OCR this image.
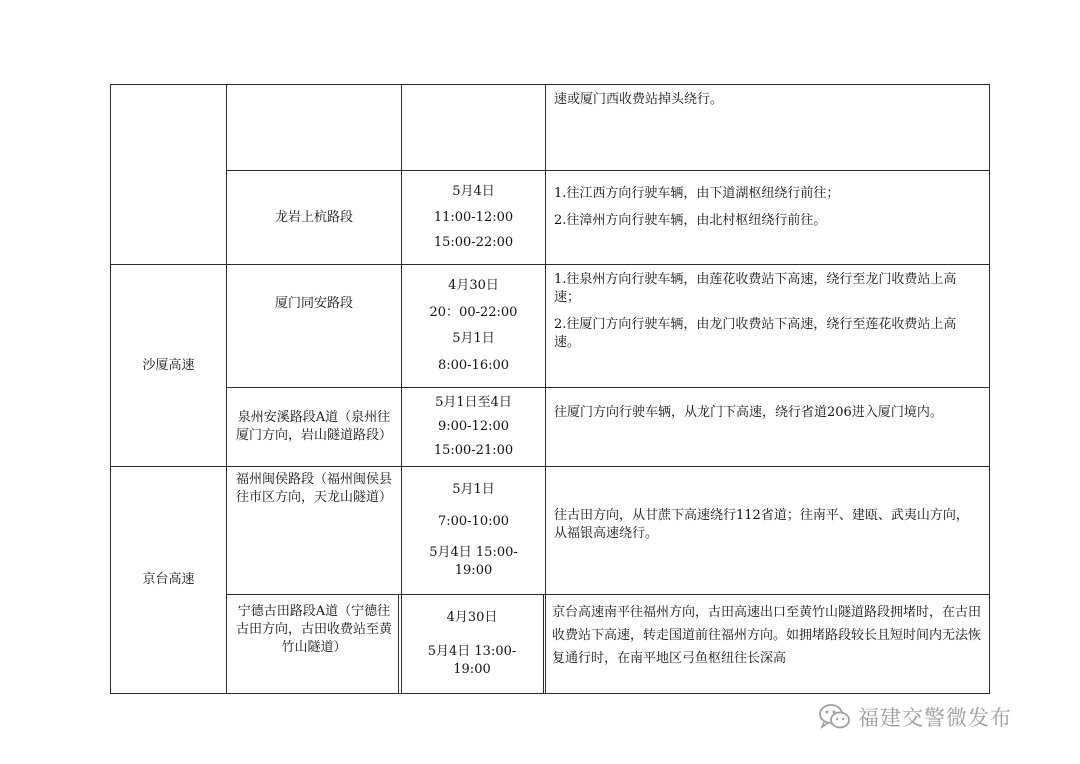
速或厦门西收费站掉头绕行。

龙岩上杭路段
5月4日
11:00-12:00
15:00-22:00

1.往江西方向行驶车辆，由下道湖枢纽绕行前往；

2.往漳州方向行驶车辆，由北村枢纽绕行前往。

沙厦高速
厦门同安路段
4月30日
20：00-22:00
5月1日
8:00-16:00

1.往泉州方向行驶车辆，由莲花收费站下高速，绕行至龙门收费站上高速；

2.往厦门方向行驶车辆，由龙门收费站下高速，绕行至莲花收费站上高速。

泉州安溪路段A道（泉州往厦门方向，岩山隧道路段）
5月1日至4日
9:00-12:00
15:00-21:00

往厦门方向行驶车辆，从龙门下高速，绕行省道206进入厦门境内。

京台高速
福州闽侯路段（福州闽侯县往市区方向，天龙山隧道）
5月1日
7:00-10:00
5月4日 15:00-19:00

往古田方向，从甘蔗下高速绕行112省道；往南平、建瓯、武夷山方向，从福银高速绕行。

宁德古田路段A道（宁德往古田方向，古田收费站至黄竹山隧道）
4月30日
5月4日 13:00-19:00

京台高速南平往福州方向，古田高速出口至黄竹山隧道路段拥堵时，在古田收费站下高速，转走国道前往福州方向。如拥堵路段较长且短时间内无法恢复通行时，在南平地区弓鱼枢纽往长深高

福建交警微发布
